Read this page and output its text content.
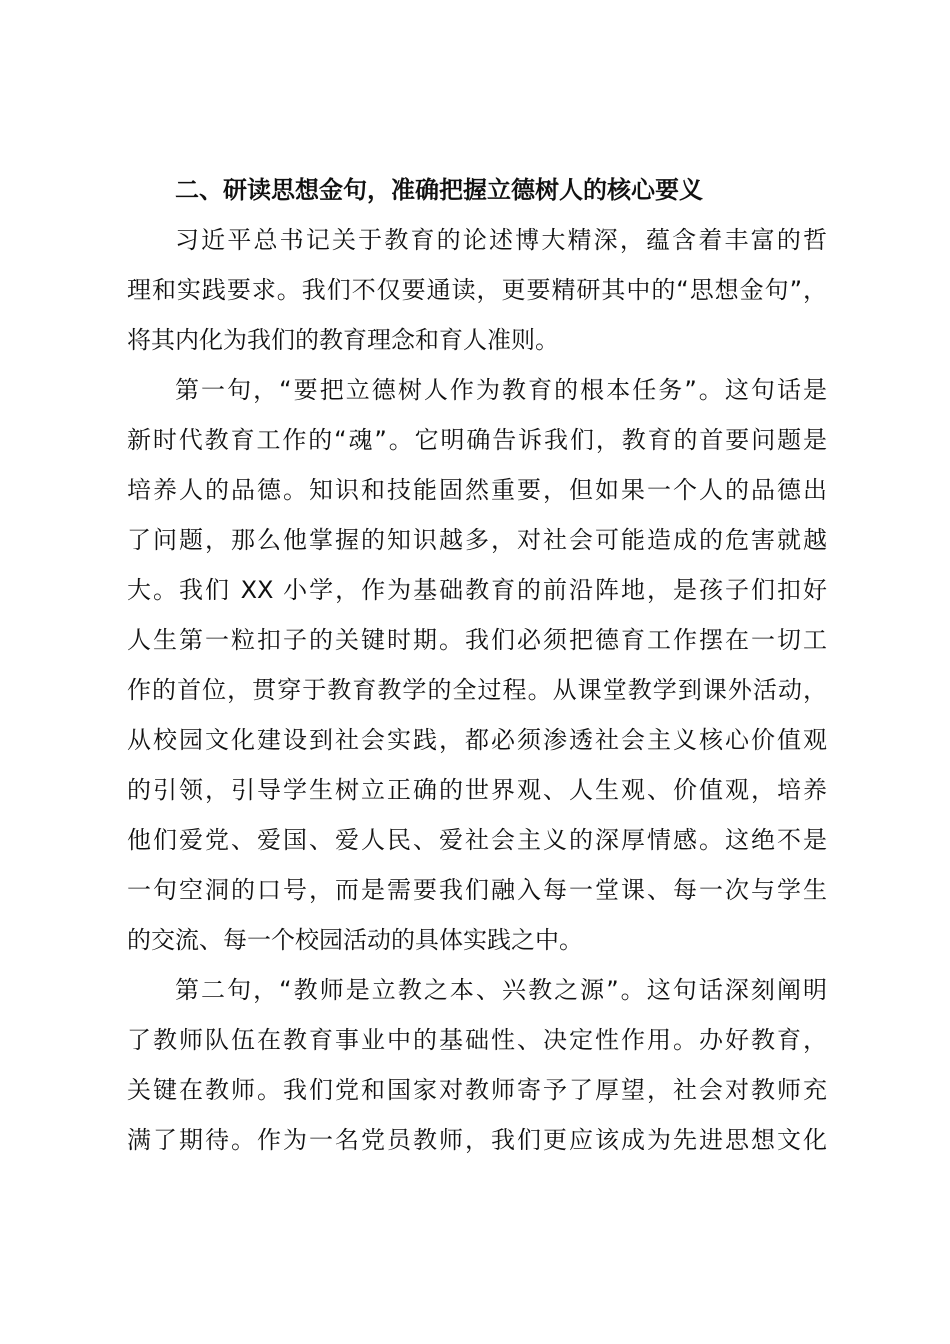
二、研读思想金句，准确把握立德树人的核心要义
习近平总书记关于教育的论述博大精深，蕴含着丰富的哲
理和实践要求。我们不仅要通读，更要精研其中的“思想金句”，
将其内化为我们的教育理念和育人准则。
第一句，“要把立德树人作为教育的根本任务”。这句话是
新时代教育工作的“魂”。它明确告诉我们，教育的首要问题是
培养人的品德。知识和技能固然重要，但如果一个人的品德出
了问题，那么他掌握的知识越多，对社会可能造成的危害就越
大。我们 XX 小学，作为基础教育的前沿阵地，是孩子们扣好
人生第一粒扣子的关键时期。我们必须把德育工作摆在一切工
作的首位，贯穿于教育教学的全过程。从课堂教学到课外活动，
从校园文化建设到社会实践，都必须渗透社会主义核心价值观
的引领，引导学生树立正确的世界观、人生观、价值观，培养
他们爱党、爱国、爱人民、爱社会主义的深厚情感。这绝不是
一句空洞的口号，而是需要我们融入每一堂课、每一次与学生
的交流、每一个校园活动的具体实践之中。
第二句，“教师是立教之本、兴教之源”。这句话深刻阐明
了教师队伍在教育事业中的基础性、决定性作用。办好教育，
关键在教师。我们党和国家对教师寄予了厚望，社会对教师充
满了期待。作为一名党员教师，我们更应该成为先进思想文化
